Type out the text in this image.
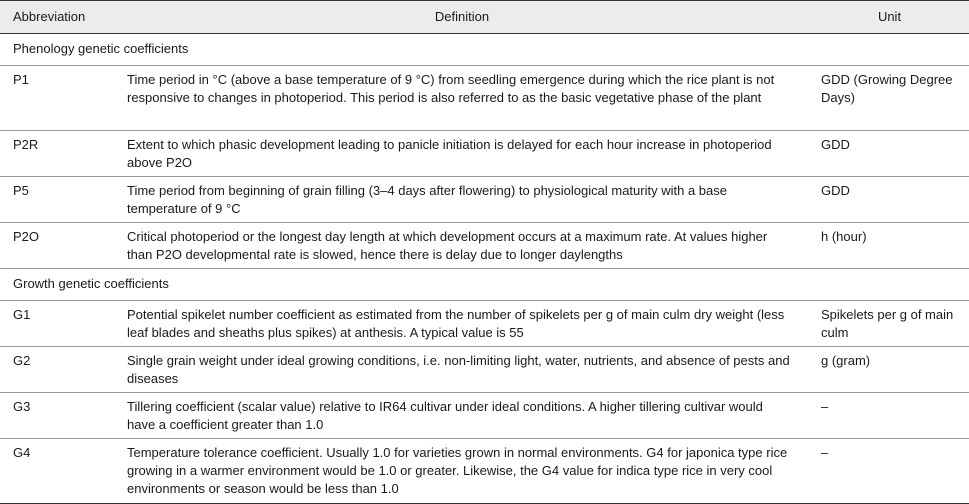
Abbreviation	Definition	Unit
Phenology genetic coefficients		
P1	Time period in °C (above a base temperature of 9 °C) from seedling emergence during which the rice plant is not responsive to changes in photoperiod. This period is also referred to as the basic vegetative phase of the plant	GDD (Growing Degree Days)
P2R	Extent to which phasic development leading to panicle initiation is delayed for each hour increase in photoperiod above P2O	GDD
P5	Time period from beginning of grain filling (3–4 days after flowering) to physiological maturity with a base temperature of 9 °C	GDD
P2O	Critical photoperiod or the longest day length at which development occurs at a maximum rate. At values higher than P2O developmental rate is slowed, hence there is delay due to longer daylengths	h (hour)
Growth genetic coefficients		
G1	Potential spikelet number coefficient as estimated from the number of spikelets per g of main culm dry weight (less leaf blades and sheaths plus spikes) at anthesis. A typical value is 55	Spikelets per g of main culm
G2	Single grain weight under ideal growing conditions, i.e. non-limiting light, water, nutrients, and absence of pests and diseases	g (gram)
G3	Tillering coefficient (scalar value) relative to IR64 cultivar under ideal conditions. A higher tillering cultivar would have a coefficient greater than 1.0	–
G4	Temperature tolerance coefficient. Usually 1.0 for varieties grown in normal environments. G4 for japonica type rice growing in a warmer environment would be 1.0 or greater. Likewise, the G4 value for indica type rice in very cool environments or season would be less than 1.0	–
